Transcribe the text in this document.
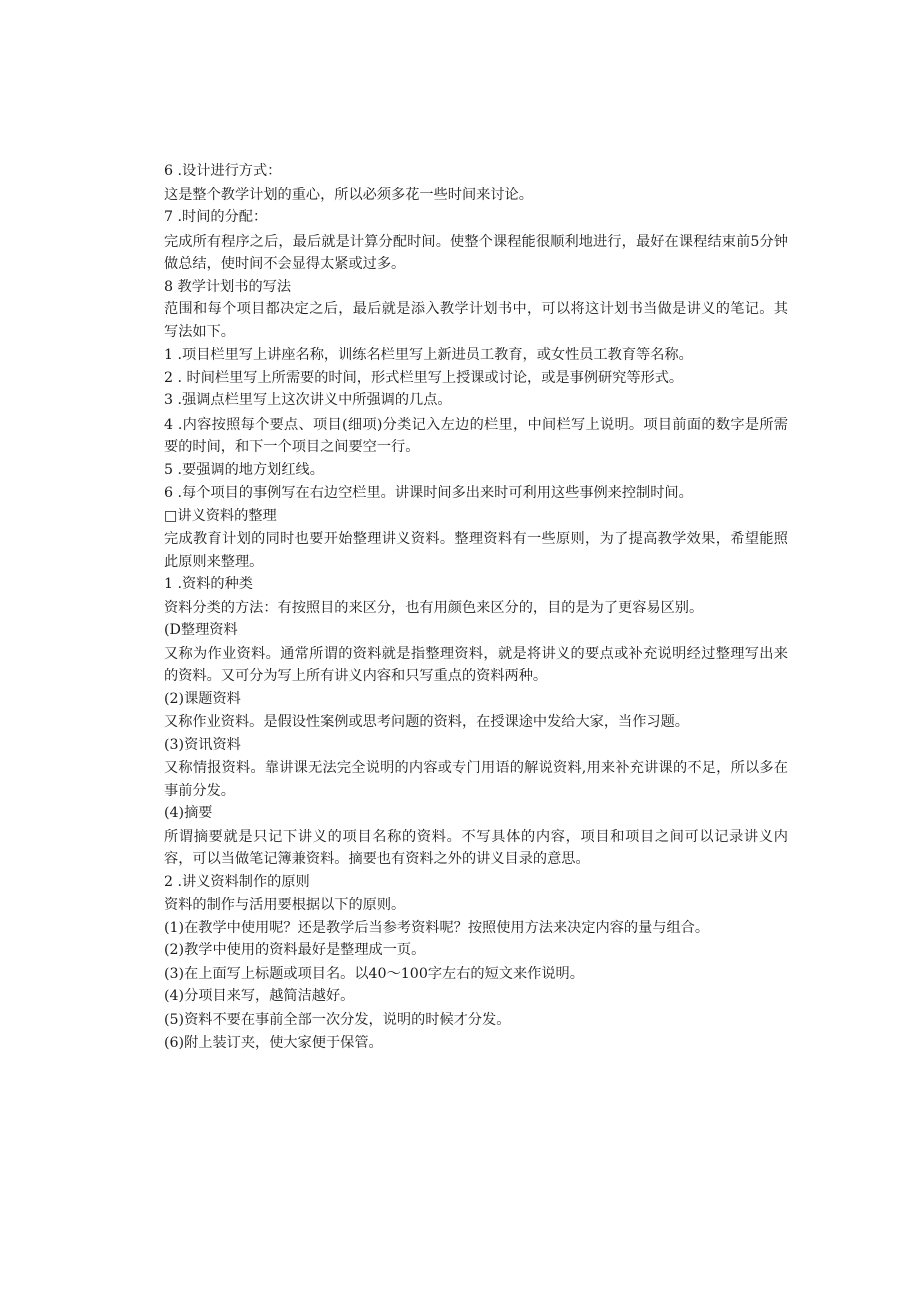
6 .设计进行方式：

这是整个教学计划的重心，所以必须多花一些时间来讨论。

7 .时间的分配：

完成所有程序之后，最后就是计算分配时间。使整个课程能很顺利地进行，最好在课程结束前5分钟做总结，使时间不会显得太紧或过多。

8 教学计划书的写法

范围和每个项目都决定之后，最后就是添入教学计划书中，可以将这计划书当做是讲义的笔记。其写法如下。

1 .项目栏里写上讲座名称，训练名栏里写上新进员工教育，或女性员工教育等名称。

2 . 时间栏里写上所需要的时间，形式栏里写上授课或讨论，或是事例研究等形式。

3 .强调点栏里写上这次讲义中所强调的几点。

4 .内容按照每个要点、项目(细项)分类记入左边的栏里，中间栏写上说明。项目前面的数字是所需要的时间，和下一个项目之间要空一行。

5 .要强调的地方划红线。

6 .每个项目的事例写在右边空栏里。讲课时间多出来时可利用这些事例来控制时间。

□讲义资料的整理

完成教育计划的同时也要开始整理讲义资料。整理资料有一些原则，为了提高教学效果，希望能照此原则来整理。

1 .资料的种类

资料分类的方法：有按照目的来区分，也有用颜色来区分的，目的是为了更容易区别。

(D整理资料

又称为作业资料。通常所谓的资料就是指整理资料，就是将讲义的要点或补充说明经过整理写出来的资料。又可分为写上所有讲义内容和只写重点的资料两种。

(2)课题资料

又称作业资料。是假设性案例或思考问题的资料，在授课途中发给大家，当作习题。

(3)资讯资料

又称情报资料。靠讲课无法完全说明的内容或专门用语的解说资料,用来补充讲课的不足，所以多在事前分发。

(4)摘要

所谓摘要就是只记下讲义的项目名称的资料。不写具体的内容，项目和项目之间可以记录讲义内容，可以当做笔记簿兼资料。摘要也有资料之外的讲义目录的意思。

2 .讲义资料制作的原则

资料的制作与活用要根据以下的原则。

(1)在教学中使用呢？还是教学后当参考资料呢？按照使用方法来决定内容的量与组合。

(2)教学中使用的资料最好是整理成一页。

(3)在上面写上标题或项目名。以40～100字左右的短文来作说明。

(4)分项目来写，越简洁越好。

(5)资料不要在事前全部一次分发，说明的时候才分发。

(6)附上装订夹，使大家便于保管。
